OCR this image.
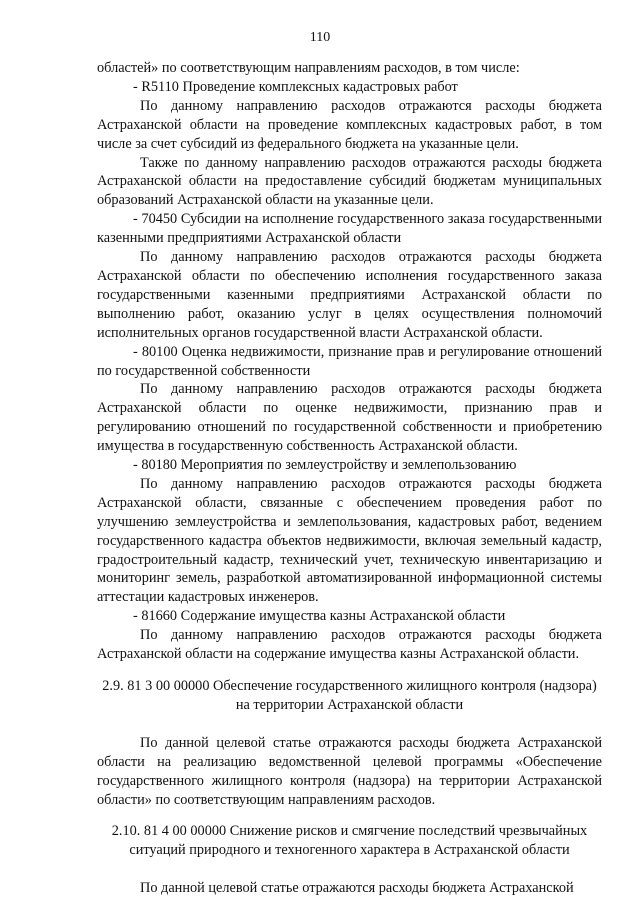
110

областей» по соответствующим направлениям расходов, в том числе:

- R5110 Проведение комплексных кадастровых работ

По данному направлению расходов отражаются расходы бюджета Астраханской области на проведение комплексных кадастровых работ, в том числе за счет субсидий из федерального бюджета на указанные цели.

Также по данному направлению расходов отражаются расходы бюджета Астраханской области на предоставление субсидий бюджетам муниципальных образований Астраханской области на указанные цели.

- 70450 Субсидии на исполнение государственного заказа государственными казенными предприятиями Астраханской области

По данному направлению расходов отражаются расходы бюджета Астраханской области по обеспечению исполнения государственного заказа государственными казенными предприятиями Астраханской области по выполнению работ, оказанию услуг в целях осуществления полномочий исполнительных органов государственной власти Астраханской области.

- 80100 Оценка недвижимости, признание прав и регулирование отношений по государственной собственности

По данному направлению расходов отражаются расходы бюджета Астраханской области по оценке недвижимости, признанию прав и регулированию отношений по государственной собственности и приобретению имущества в государственную собственность Астраханской области.

- 80180 Мероприятия по землеустройству и землепользованию

По данному направлению расходов отражаются расходы бюджета Астраханской области, связанные с обеспечением проведения работ по улучшению землеустройства и землепользования, кадастровых работ, ведением государственного кадастра объектов недвижимости, включая земельный кадастр, градостроительный кадастр, технический учет, техническую инвентаризацию и мониторинг земель, разработкой автоматизированной информационной системы аттестации кадастровых инженеров.

- 81660 Содержание имущества казны Астраханской области

По данному направлению расходов отражаются расходы бюджета Астраханской области на содержание имущества казны Астраханской области.

2.9. 81 3 00 00000 Обеспечение государственного жилищного контроля (надзора) на территории Астраханской области

По данной целевой статье отражаются расходы бюджета Астраханской области на реализацию ведомственной целевой программы «Обеспечение государственного жилищного контроля (надзора) на территории Астраханской области» по соответствующим направлениям расходов.

2.10. 81 4 00 00000 Снижение рисков и смягчение последствий чрезвычайных ситуаций природного и техногенного характера в Астраханской области

По данной целевой статье отражаются расходы бюджета Астраханской
